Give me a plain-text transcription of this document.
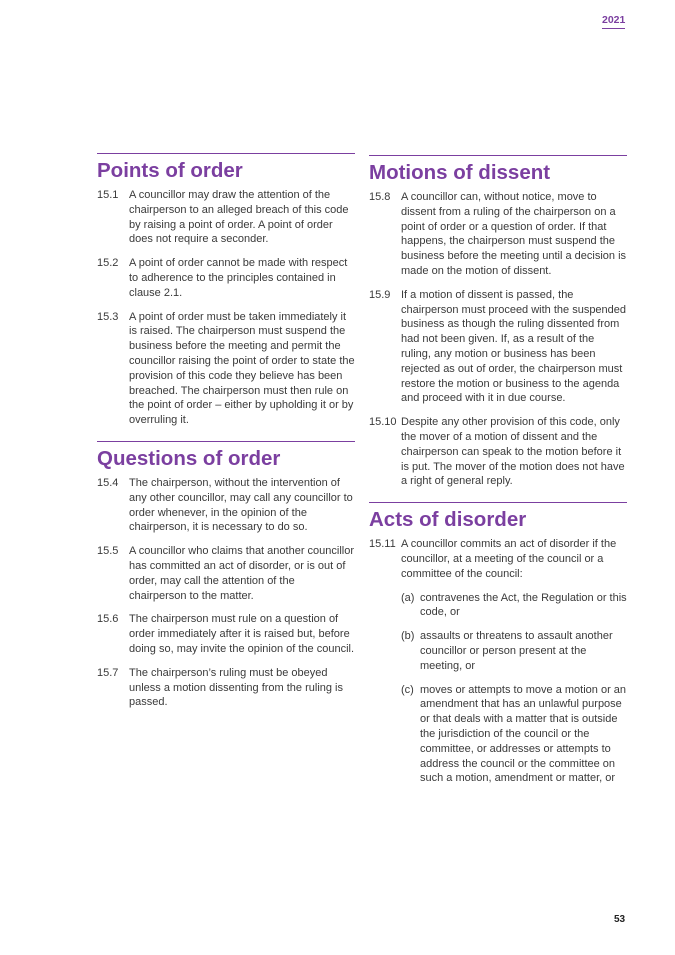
2021
Points of order
15.1 A councillor may draw the attention of the chairperson to an alleged breach of this code by raising a point of order. A point of order does not require a seconder.
15.2 A point of order cannot be made with respect to adherence to the principles contained in clause 2.1.
15.3 A point of order must be taken immediately it is raised. The chairperson must suspend the business before the meeting and permit the councillor raising the point of order to state the provision of this code they believe has been breached. The chairperson must then rule on the point of order – either by upholding it or by overruling it.
Questions of order
15.4 The chairperson, without the intervention of any other councillor, may call any councillor to order whenever, in the opinion of the chairperson, it is necessary to do so.
15.5 A councillor who claims that another councillor has committed an act of disorder, or is out of order, may call the attention of the chairperson to the matter.
15.6 The chairperson must rule on a question of order immediately after it is raised but, before doing so, may invite the opinion of the council.
15.7 The chairperson’s ruling must be obeyed unless a motion dissenting from the ruling is passed.
Motions of dissent
15.8 A councillor can, without notice, move to dissent from a ruling of the chairperson on a point of order or a question of order. If that happens, the chairperson must suspend the business before the meeting until a decision is made on the motion of dissent.
15.9 If a motion of dissent is passed, the chairperson must proceed with the suspended business as though the ruling dissented from had not been given. If, as a result of the ruling, any motion or business has been rejected as out of order, the chairperson must restore the motion or business to the agenda and proceed with it in due course.
15.10 Despite any other provision of this code, only the mover of a motion of dissent and the chairperson can speak to the motion before it is put. The mover of the motion does not have a right of general reply.
Acts of disorder
15.11 A councillor commits an act of disorder if the councillor, at a meeting of the council or a committee of the council:
(a) contravenes the Act, the Regulation or this code, or
(b) assaults or threatens to assault another councillor or person present at the meeting, or
(c) moves or attempts to move a motion or an amendment that has an unlawful purpose or that deals with a matter that is outside the jurisdiction of the council or the committee, or addresses or attempts to address the council or the committee on such a motion, amendment or matter, or
53
